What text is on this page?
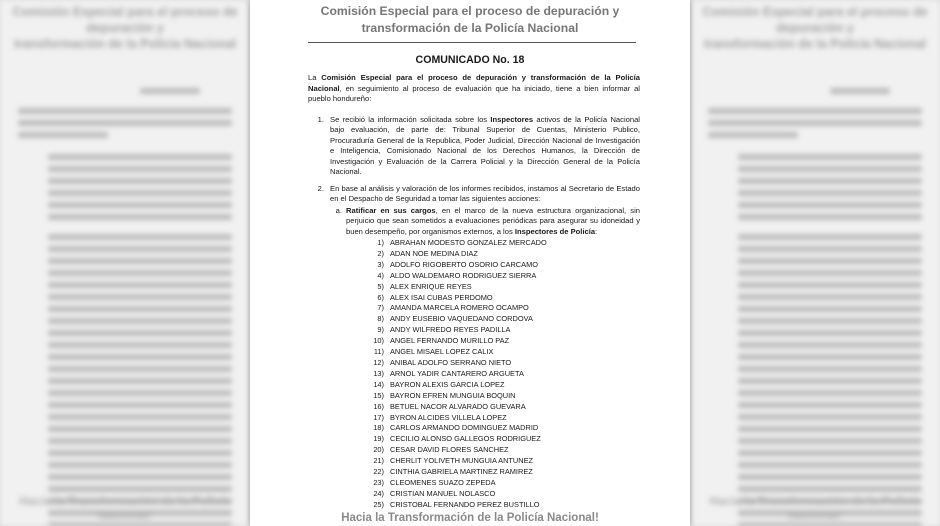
Comisión Especial para el proceso de depuración y
transformación de la Policía Nacional
Hacia la Transformación de la Policía Nacional!
Comisión Especial para el proceso de depuración y
transformación de la Policía Nacional
Hacia la Transformación de la Policía Nacional!
Comisión Especial para el proceso de depuración y
transformación de la Policía Nacional
COMUNICADO No. 18
La Comisión Especial para el proceso de depuración y transformación de la Policía Nacional, en seguimiento al proceso de evaluación que ha iniciado, tiene a bien informar al pueblo hondureño:
1. Se recibió la información solicitada sobre los Inspectores activos de la Policía Nacional bajo evaluación, de parte de: Tribunal Superior de Cuentas, Ministerio Publico, Procuraduría General de la Republica, Poder Judicial, Dirección Nacional de Investigación e Inteligencia, Comisionado Nacional de los Derechos Humanos, la Dirección de Investigación y Evaluación de la Carrera Policial y la Dirección General de la Policía Nacional.
2. En base al análisis y valoración de los informes recibidos, instamos al Secretario de Estado en el Despacho de Seguridad a tomar las siguientes acciones:
a. Ratificar en sus cargos, en el marco de la nueva estructura organizacional, sin perjuicio que sean sometidos a evaluaciones periódicas para asegurar su idoneidad y buen desempeño, por organismos externos, a los Inspectores de Policía:
1) ABRAHAN MODESTO GONZALEZ MERCADO
2) ADAN NOE MEDINA DIAZ
3) ADOLFO RIGOBERTO OSORIO CARCAMO
4) ALDO WALDEMARO RODRIGUEZ SIERRA
5) ALEX ENRIQUE REYES
6) ALEX ISAI CUBAS PERDOMO
7) AMANDA MARCELA ROMERO OCAMPO
8) ANDY EUSEBIO VAQUEDANO CORDOVA
9) ANDY WILFREDO REYES PADILLA
10) ANGEL FERNANDO MURILLO PAZ
11) ANGEL MISAEL LOPEZ CALIX
12) ANIBAL ADOLFO SERRANO NIETO
13) ARNOL YADIR CANTARERO ARGUETA
14) BAYRON ALEXIS GARCIA LOPEZ
15) BAYRON EFREN MUNGUIA BOQUIN
16) BETUEL NACOR ALVARADO GUEVARA
17) BYRON ALCIDES VILLELA LOPEZ
18) CARLOS ARMANDO DOMINGUEZ MADRID
19) CECILIO ALONSO GALLEGOS RODRIGUEZ
20) CESAR DAVID FLORES SANCHEZ
21) CHERLIT YOLIVETH MUNGUIA ANTUNEZ
22) CINTHIA GABRIELA MARTINEZ RAMIREZ
23) CLEOMENES SUAZO ZEPEDA
24) CRISTIAN MANUEL NOLASCO
25) CRISTOBAL FERNANDO PEREZ BUSTILLO
Hacia la Transformación de la Policía Nacional!
